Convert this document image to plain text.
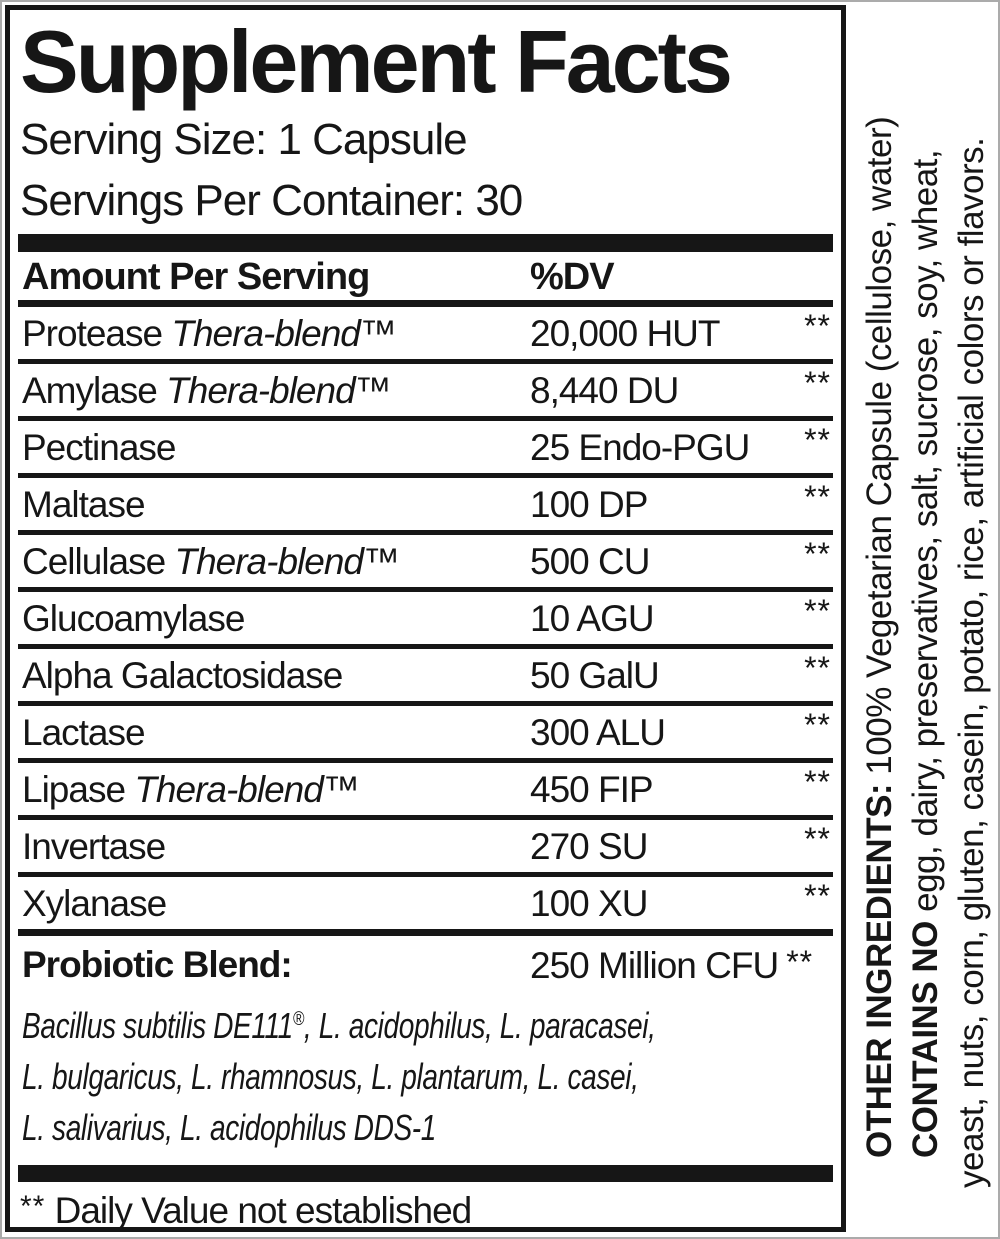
Supplement Facts
Serving Size: 1 Capsule
Servings Per Container: 30
Amount Per Serving	%DV
Protease Thera-blend™	20,000 HUT	**
Amylase Thera-blend™	8,440 DU	**
Pectinase	25 Endo-PGU **
Maltase	100 DP	**
Cellulase Thera-blend™	500 CU	**
Glucoamylase	10 AGU	**
Alpha Galactosidase	50 GalU	**
Lactase	300 ALU	**
Lipase Thera-blend™	450 FIP	**
Invertase	270 SU	**
Xylanase	100 XU	**
Probiotic Blend:	250 Million CFU **
Bacillus subtilis DE111®, L. acidophilus, L. paracasei,
L. bulgaricus, L. rhamnosus, L. plantarum, L. casei,
L. salivarius, L. acidophilus DDS-1
** Daily Value not established
OTHER INGREDIENTS: 100% Vegetarian Capsule (cellulose, water)
CONTAINS NO egg, dairy, preservatives, salt, sucrose, soy, wheat, yeast, nuts, corn, gluten, casein, potato, rice, artificial colors or flavors.
